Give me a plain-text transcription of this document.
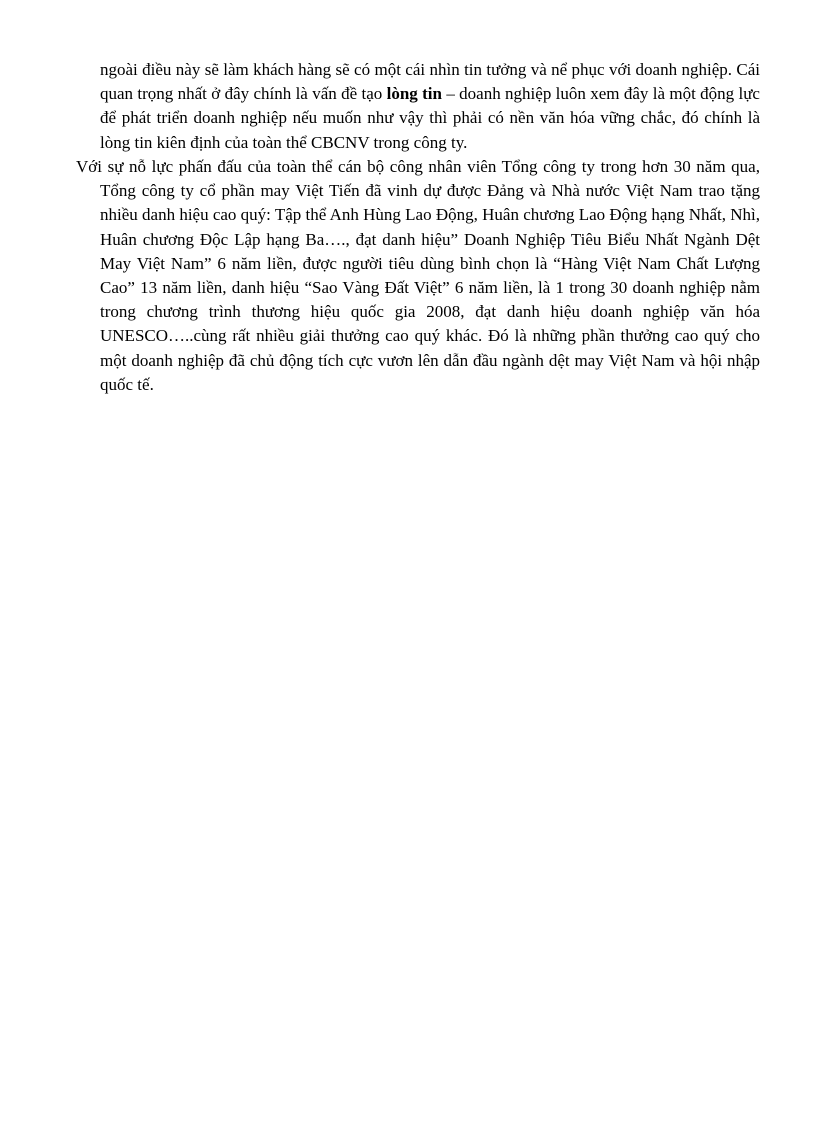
ngoài điều này sẽ làm khách hàng sẽ có một cái nhìn tin tưởng và nể phục với doanh nghiệp. Cái quan trọng nhất ở đây chính là vấn đề tạo lòng tin – doanh nghiệp luôn xem đây là một động lực để phát triển doanh nghiệp nếu muốn như vậy thì phải có nền văn hóa vững chắc, đó chính là lòng tin kiên định của toàn thể CBCNV trong công ty.

Với sự nỗ lực phấn đấu của toàn thể cán bộ công nhân viên Tổng công ty trong hơn 30 năm qua, Tổng công ty cổ phần may Việt Tiến đã vinh dự được Đảng và Nhà nước Việt Nam trao tặng nhiều danh hiệu cao quý: Tập thể Anh Hùng Lao Động, Huân chương Lao Động hạng Nhất, Nhì, Huân chương Độc Lập hạng Ba…., đạt danh hiệu” Doanh Nghiệp Tiêu Biểu Nhất Ngành Dệt May Việt Nam” 6 năm liền, được người tiêu dùng bình chọn là “Hàng Việt Nam Chất Lượng Cao” 13 năm liền, danh hiệu “Sao Vàng Đất Việt” 6 năm liền, là 1 trong 30 doanh nghiệp nằm trong chương trình thương hiệu quốc gia 2008, đạt danh hiệu doanh nghiệp văn hóa UNESCO…..cùng rất nhiều giải thưởng cao quý khác. Đó là những phần thưởng cao quý cho một doanh nghiệp đã chủ động tích cực vươn lên dẫn đầu ngành dệt may Việt Nam và hội nhập quốc tế.
